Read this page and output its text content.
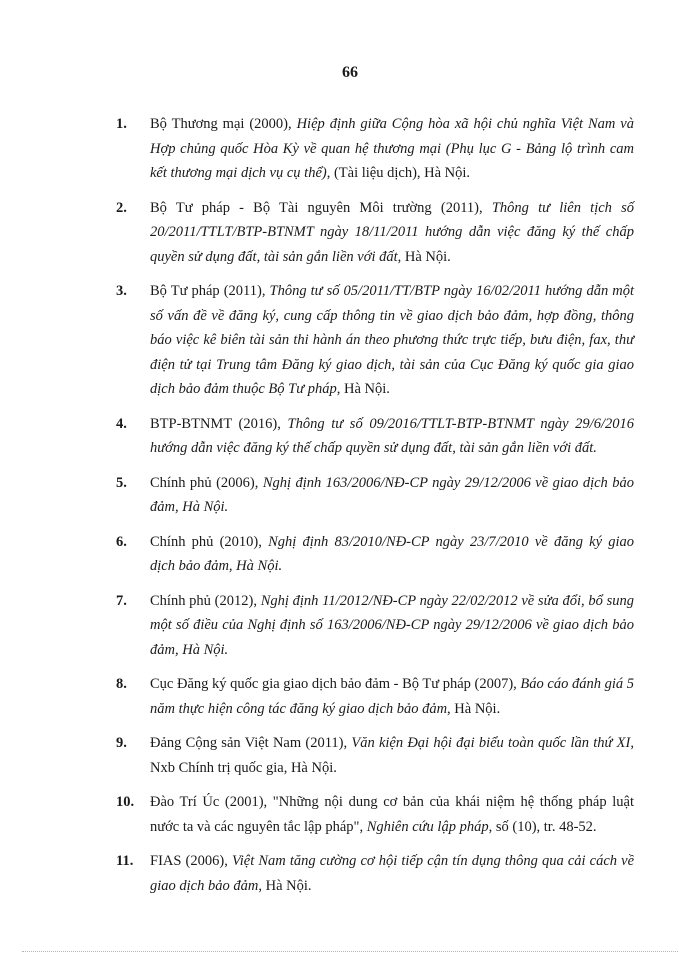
66
1. Bộ Thương mại (2000), Hiệp định giữa Cộng hòa xã hội chủ nghĩa Việt Nam và Hợp chủng quốc Hòa Kỳ về quan hệ thương mại (Phụ lục G - Bảng lộ trình cam kết thương mại dịch vụ cụ thể), (Tài liệu dịch), Hà Nội.
2. Bộ Tư pháp - Bộ Tài nguyên Môi trường (2011), Thông tư liên tịch số 20/2011/TTLT/BTP-BTNMT ngày 18/11/2011 hướng dẫn việc đăng ký thế chấp quyền sử dụng đất, tài sản gắn liền với đất, Hà Nội.
3. Bộ Tư pháp (2011), Thông tư số 05/2011/TT/BTP ngày 16/02/2011 hướng dẫn một số vấn đề về đăng ký, cung cấp thông tin về giao dịch bảo đảm, hợp đồng, thông báo việc kê biên tài sản thi hành án theo phương thức trực tiếp, bưu điện, fax, thư điện tử tại Trung tâm Đăng ký giao dịch, tài sản của Cục Đăng ký quốc gia giao dịch bảo đảm thuộc Bộ Tư pháp, Hà Nội.
4. BTP-BTNMT (2016), Thông tư số 09/2016/TTLT-BTP-BTNMT ngày 29/6/2016 hướng dẫn việc đăng ký thế chấp quyền sử dụng đất, tài sản gắn liền với đất.
5. Chính phủ (2006), Nghị định 163/2006/NĐ-CP ngày 29/12/2006 về giao dịch bảo đảm, Hà Nội.
6. Chính phủ (2010), Nghị định 83/2010/NĐ-CP ngày 23/7/2010 về đăng ký giao dịch bảo đảm, Hà Nội.
7. Chính phủ (2012), Nghị định 11/2012/NĐ-CP ngày 22/02/2012 về sửa đổi, bổ sung một số điều của Nghị định số 163/2006/NĐ-CP ngày 29/12/2006 về giao dịch bảo đảm, Hà Nội.
8. Cục Đăng ký quốc gia giao dịch bảo đảm - Bộ Tư pháp (2007), Báo cáo đánh giá 5 năm thực hiện công tác đăng ký giao dịch bảo đảm, Hà Nội.
9. Đảng Cộng sản Việt Nam (2011), Văn kiện Đại hội đại biểu toàn quốc lần thứ XI, Nxb Chính trị quốc gia, Hà Nội.
10. Đào Trí Úc (2001), "Những nội dung cơ bản của khái niệm hệ thống pháp luật nước ta và các nguyên tắc lập pháp", Nghiên cứu lập pháp, số (10), tr. 48-52.
11. FIAS (2006), Việt Nam tăng cường cơ hội tiếp cận tín dụng thông qua cải cách về giao dịch bảo đảm, Hà Nội.
